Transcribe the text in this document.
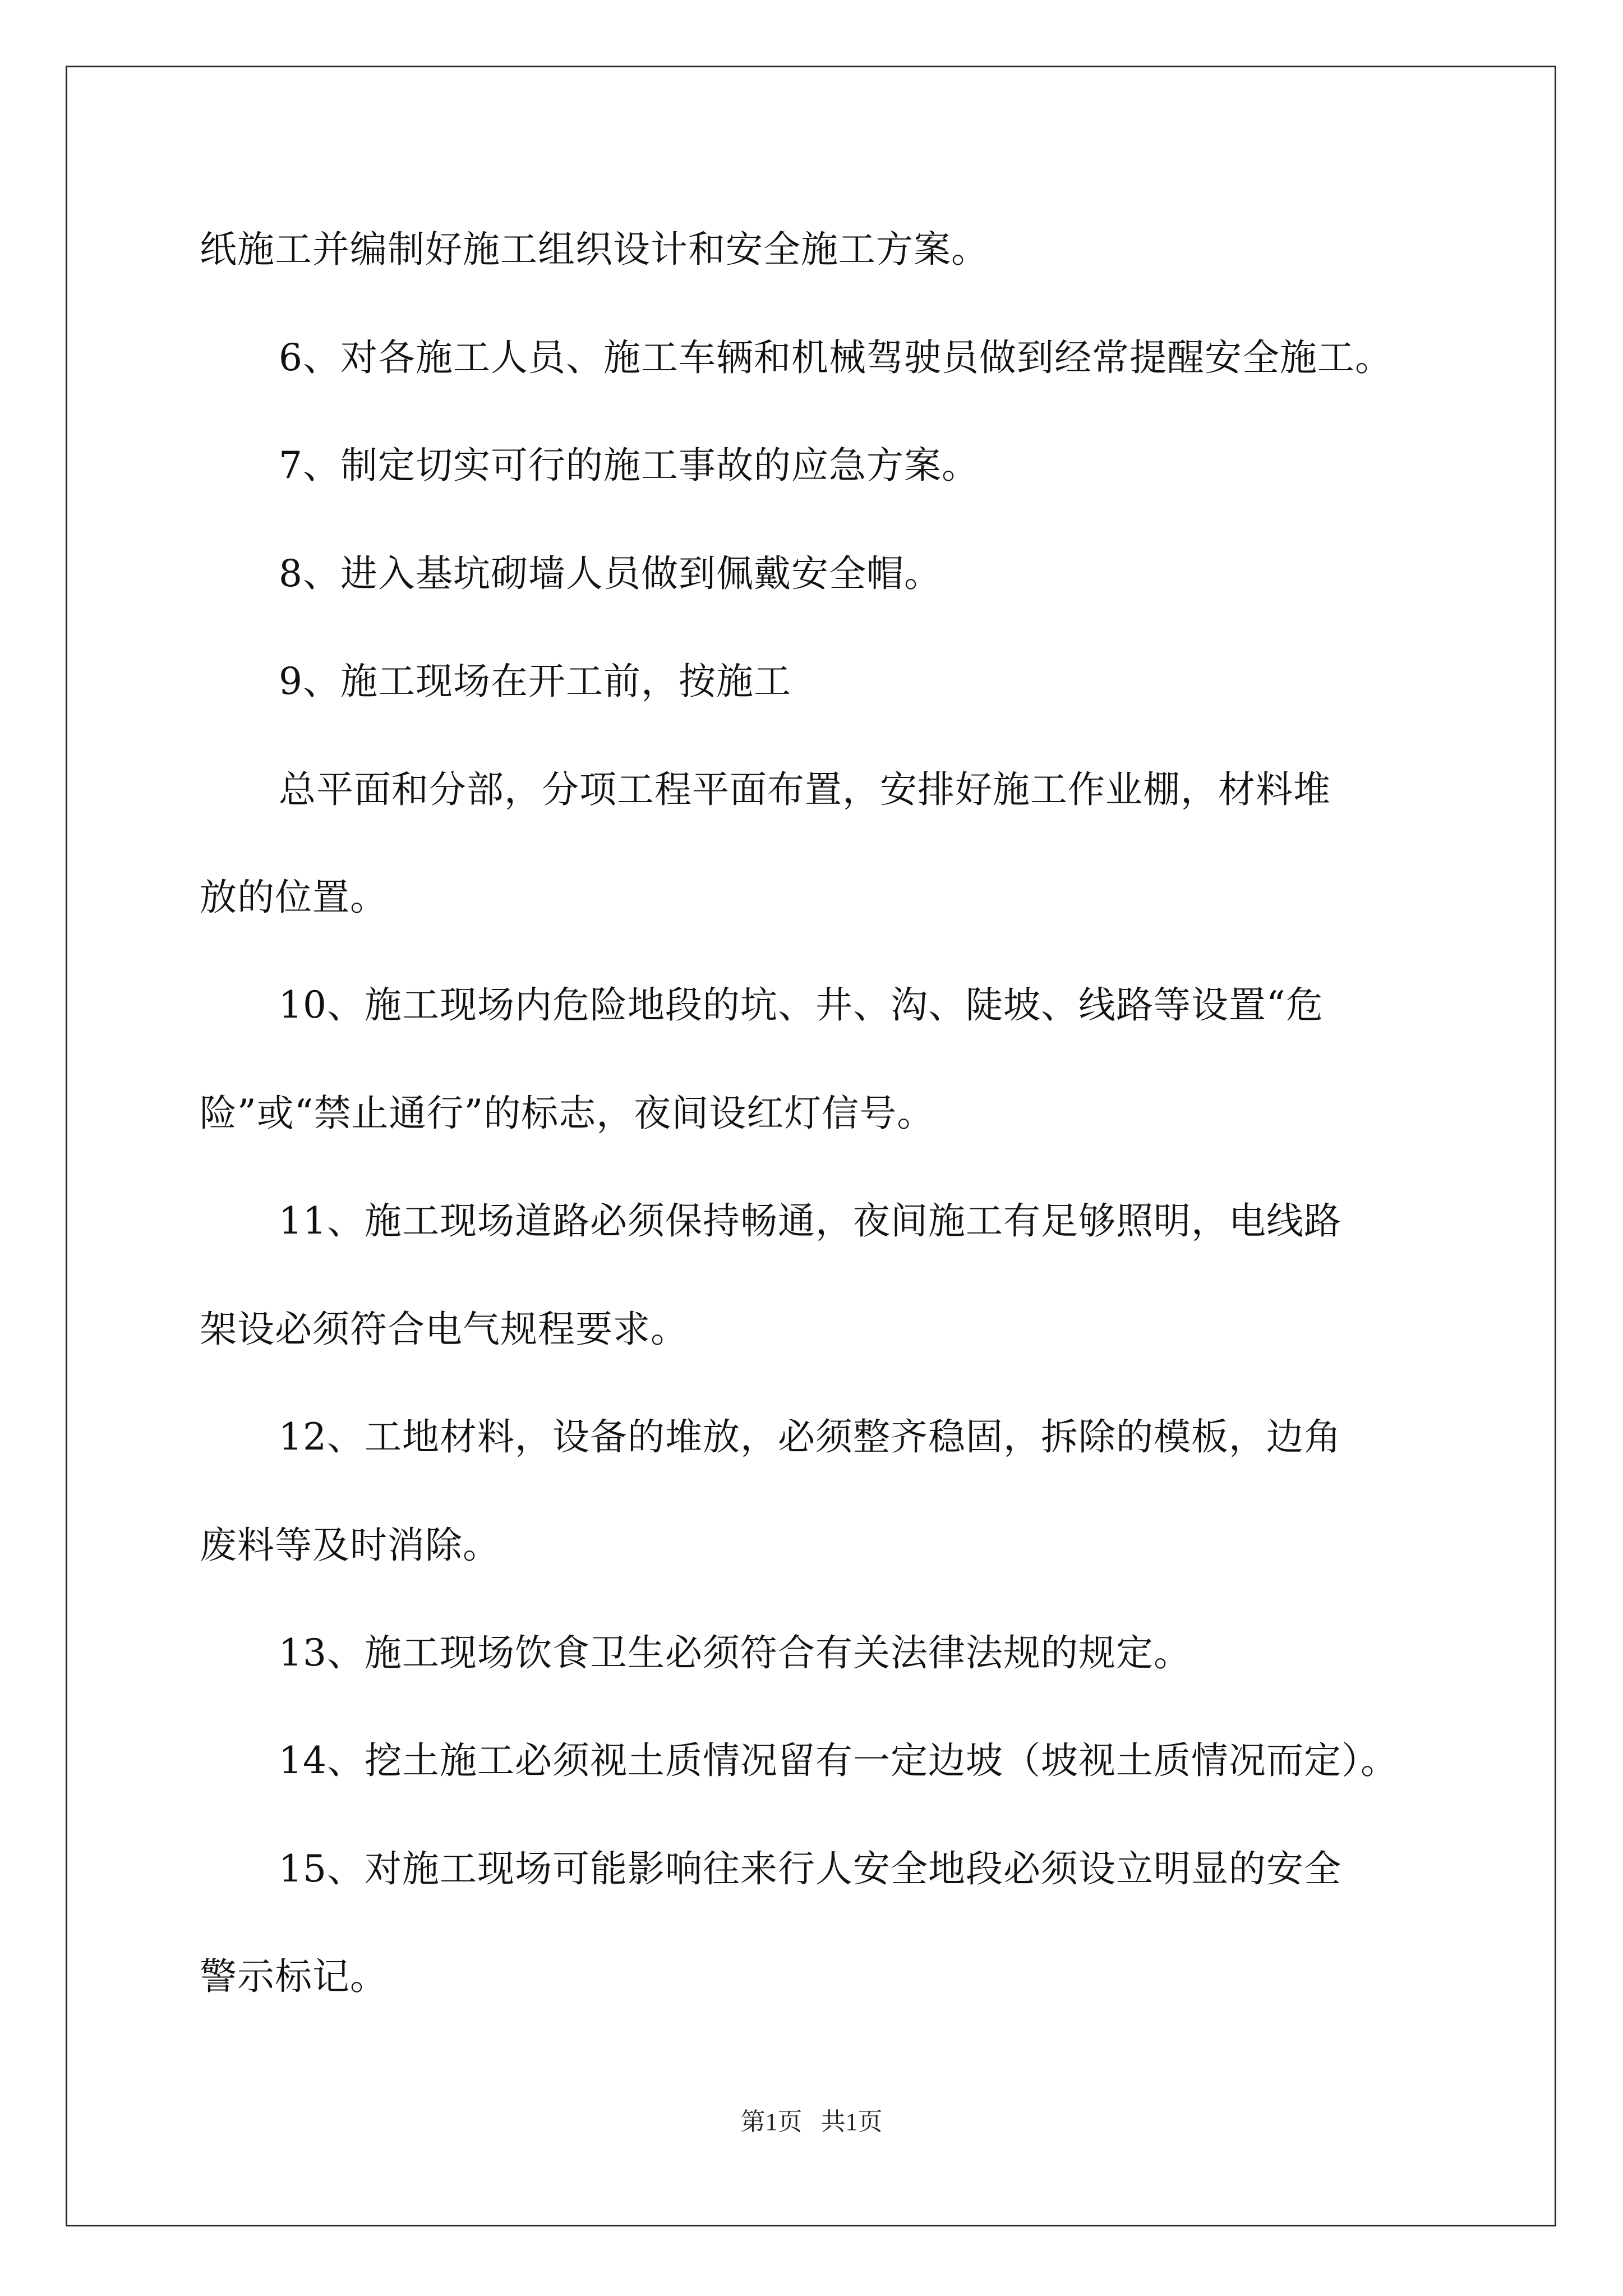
纸施工并编制好施工组织设计和安全施工方案。
6、对各施工人员、施工车辆和机械驾驶员做到经常提醒安全施工。
7、制定切实可行的施工事故的应急方案。
8、进入基坑砌墙人员做到佩戴安全帽。
9、施工现场在开工前，按施工
总平面和分部，分项工程平面布置，安排好施工作业棚，材料堆
放的位置。
10、施工现场内危险地段的坑、井、沟、陡坡、线路等设置“危
险”或“禁止通行”的标志，夜间设红灯信号。
11、施工现场道路必须保持畅通，夜间施工有足够照明，电线路
架设必须符合电气规程要求。
12、工地材料，设备的堆放，必须整齐稳固，拆除的模板，边角
废料等及时消除。
13、施工现场饮食卫生必须符合有关法律法规的规定。
14、挖土施工必须视土质情况留有一定边坡（坡视土质情况而定）。
15、对施工现场可能影响往来行人安全地段必须设立明显的安全
警示标记。
第1页   共1页
